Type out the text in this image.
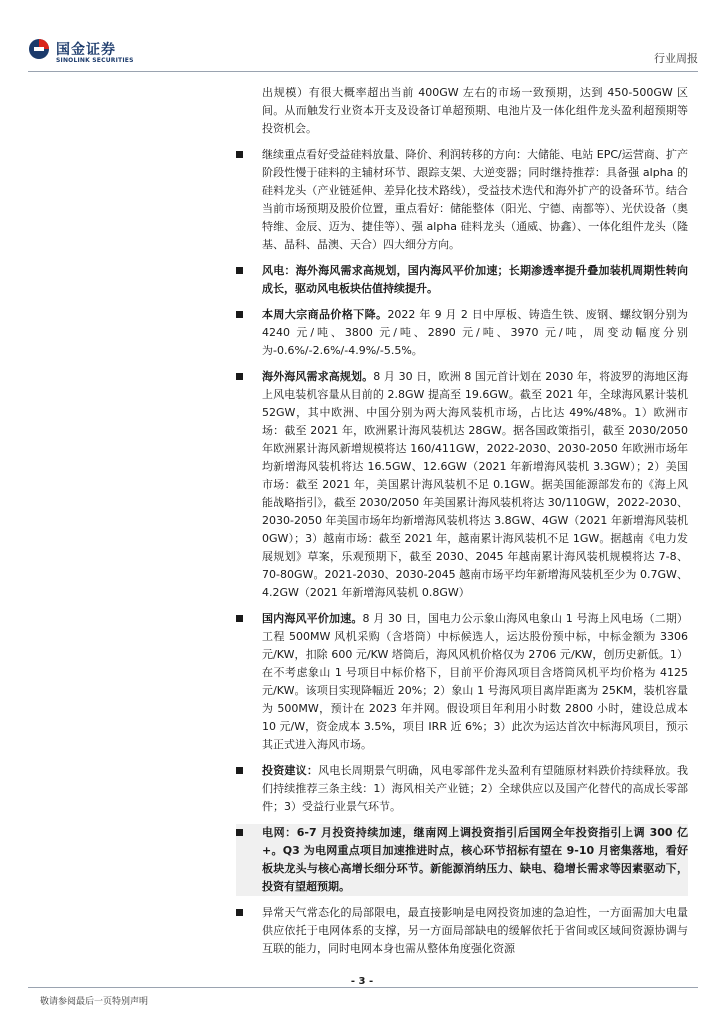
国金证券
SINOLINK SECURITIES	行业周报
出规模）有很大概率超出当前 400GW 左右的市场一致预期，达到 450-500GW 区间。从而触发行业资本开支及设备订单超预期、电池片及一体化组件龙头盈利超预期等投资机会。
继续重点看好受益硅料放量、降价、利润转移的方向：大储能、电站 EPC/运营商、扩产阶段性慢于硅料的主辅材环节、跟踪支架、大逆变器；同时继持推荐：具备强 alpha 的硅料龙头（产业链延伸、差异化技术路线），受益技术迭代和海外扩产的设备环节。结合当前市场预期及股价位置，重点看好：储能整体（阳光、宁德、南都等）、光伏设备（奥特维、金辰、迈为、捷佳等）、强 alpha 硅料龙头（通威、协鑫）、一体化组件龙头（隆基、晶科、晶澳、天合）四大细分方向。
风电：海外海风需求高规划，国内海风平价加速；长期渗透率提升叠加装机周期性转向成长，驱动风电板块估值持续提升。
本周大宗商品价格下降。2022 年 9 月 2 日中厚板、铸造生铁、废钢、螺纹钢分别为 4240 元/吨、3800 元/吨、2890 元/吨、3970 元/吨，周变动幅度分别为-0.6%/-2.6%/-4.9%/-5.5%。
海外海风需求高规划。8 月 30 日，欧洲 8 国元首计划在 2030 年，将波罗的海地区海上风电装机容量从目前的 2.8GW 提高至 19.6GW。截至 2021 年，全球海风累计装机 52GW，其中欧洲、中国分别为两大海风装机市场，占比达 49%/48%。1）欧洲市场：截至 2021 年，欧洲累计海风装机达 28GW。据各国政策指引，截至 2030/2050 年欧洲累计海风新增规模将达 160/411GW，2022-2030、2030-2050 年欧洲市场年均新增海风装机将达 16.5GW、12.6GW（2021 年新增海风装机 3.3GW）；2）美国市场：截至 2021 年，美国累计海风装机不足 0.1GW。据美国能源部发布的《海上风能战略指引》，截至 2030/2050 年美国累计海风装机将达 30/110GW，2022-2030、2030-2050 年美国市场年均新增海风装机将达 3.8GW、4GW（2021 年新增海风装机 0GW）；3）越南市场：截至 2021 年，越南累计海风装机不足 1GW。据越南《电力发展规划》草案，乐观预期下，截至 2030、2045 年越南累计海风装机规模将达 7-8、70-80GW。2021-2030、2030-2045 越南市场平均年新增海风装机至少为 0.7GW、4.2GW（2021 年新增海风装机 0.8GW）
国内海风平价加速。8 月 30 日，国电力公示象山海风电象山 1 号海上风电场（二期）工程 500MW 风机采购（含塔筒）中标候选人，运达股份预中标，中标金额为 3306 元/KW，扣除 600 元/KW 塔筒后，海风风机价格仅为 2706 元/KW，创历史新低。1）在不考虑象山 1 号项目中标价格下，目前平价海风项目含塔筒风机平均价格为 4125 元/KW。该项目实现降幅近 20%；2）象山 1 号海风项目离岸距离为 25KM，装机容量为 500MW，预计在 2023 年并网。假设项目年利用小时数 2800 小时，建设总成本 10 元/W，资金成本 3.5%，项目 IRR 近 6%；3）此次为运达首次中标海风项目，预示其正式进入海风市场。
投资建议：风电长周期景气明确，风电零部件龙头盈利有望随原材料跌价持续释放。我们持续推荐三条主线：1）海风相关产业链；2）全球供应以及国产化替代的高成长零部件；3）受益行业景气环节。
电网：6-7 月投资持续加速，继南网上调投资指引后国网全年投资指引上调 300 亿+。Q3 为电网重点项目加速推进时点，核心环节招标有望在 9-10 月密集落地，看好板块龙头与核心高增长细分环节。新能源消纳压力、缺电、稳增长需求等因素驱动下，投资有望超预期。
异常天气常态化的局部限电，最直接影响是电网投资加速的急迫性，一方面需加大电量供应依托于电网体系的支撑，另一方面局部缺电的缓解依托于省间或区域间资源协调与互联的能力，同时电网本身也需从整体角度强化资源
- 3 -
敬请参阅最后一页特别声明
